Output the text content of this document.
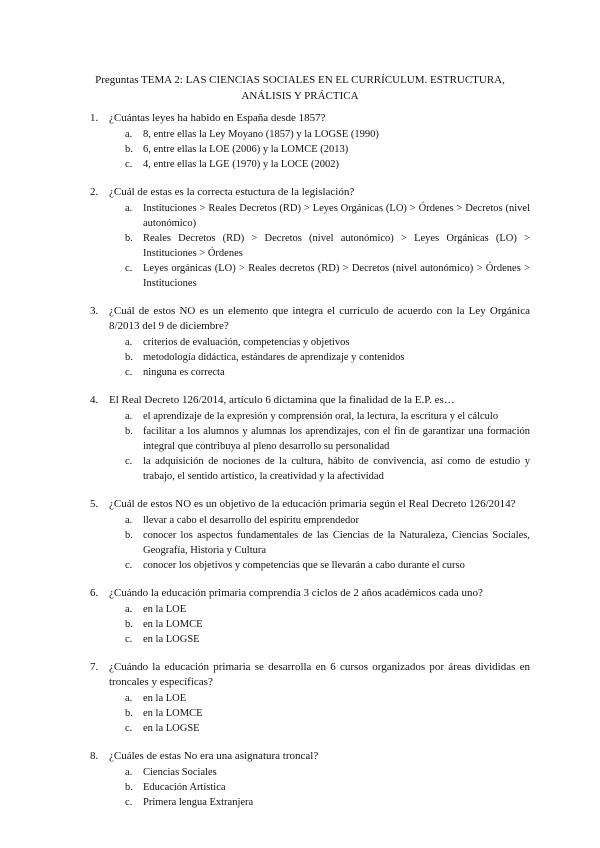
Preguntas TEMA 2: LAS CIENCIAS SOCIALES EN EL CURRÍCULUM. ESTRUCTURA,
ANÁLISIS Y PRÁCTICA
1. ¿Cuántas leyes ha habido en España desde 1857?
a. 8, entre ellas la Ley Moyano (1857) y la LOGSE (1990)
b. 6, entre ellas la LOE (2006) y la LOMCE (2013)
c. 4, entre ellas la LGE (1970) y la LOCE (2002)
2. ¿Cuál de estas es la correcta estuctura de la legislación?
a. Instituciones > Reales Decretos (RD) > Leyes Orgánicas (LO) > Órdenes > Decretos (nivel autonómico)
b. Reales Decretos (RD) > Decretos (nivel autonómico) > Leyes Orgánicas (LO) > Instituciones > Órdenes
c. Leyes orgánicas (LO) > Reales decretos (RD) > Decretos (nivel autonómico) > Órdenes > Instituciones
3. ¿Cuál de estos NO es un elemento que integra el currículo de acuerdo con la Ley Orgánica 8/2013 del 9 de diciembre?
a. criterios de evaluación, competencias y objetivos
b. metodología didáctica, estándares de aprendizaje y contenidos
c. ninguna es correcta
4. El Real Decreto 126/2014, artículo 6 dictamina que la finalidad de la E.P. es…
a. el aprendizaje de la expresión y comprensión oral, la lectura, la escritura y el cálculo
b. facilitar a los alumnos y alumnas los aprendizajes, con el fin de garantizar una formación integral que contribuya al pleno desarrollo su personalidad
c. la adquisición de nociones de la cultura, hábito de convivencia, así como de estudio y trabajo, el sentido artístico, la creatividad y la afectividad
5. ¿Cuál de estos NO es un objetivo de la educación primaria según el Real Decreto 126/2014?
a. llevar a cabo el desarrollo del espíritu emprendedor
b. conocer los aspectos fundamentales de las Ciencias de la Naturaleza, Ciencias Sociales, Geografía, Historia y Cultura
c. conocer los objetivos y competencias que se llevarán a cabo durante el curso
6. ¿Cuándo la educación primaria comprendía 3 ciclos de 2 años académicos cada uno?
a. en la LOE
b. en la LOMCE
c. en la LOGSE
7. ¿Cuándo la educación primaria se desarrolla en 6 cursos organizados por áreas divididas en troncales y específicas?
a. en la LOE
b. en la LOMCE
c. en la LOGSE
8. ¿Cuáles de estas No era una asignatura troncal?
a. Ciencias Sociales
b. Educación Artística
c. Primera lengua Extranjera
